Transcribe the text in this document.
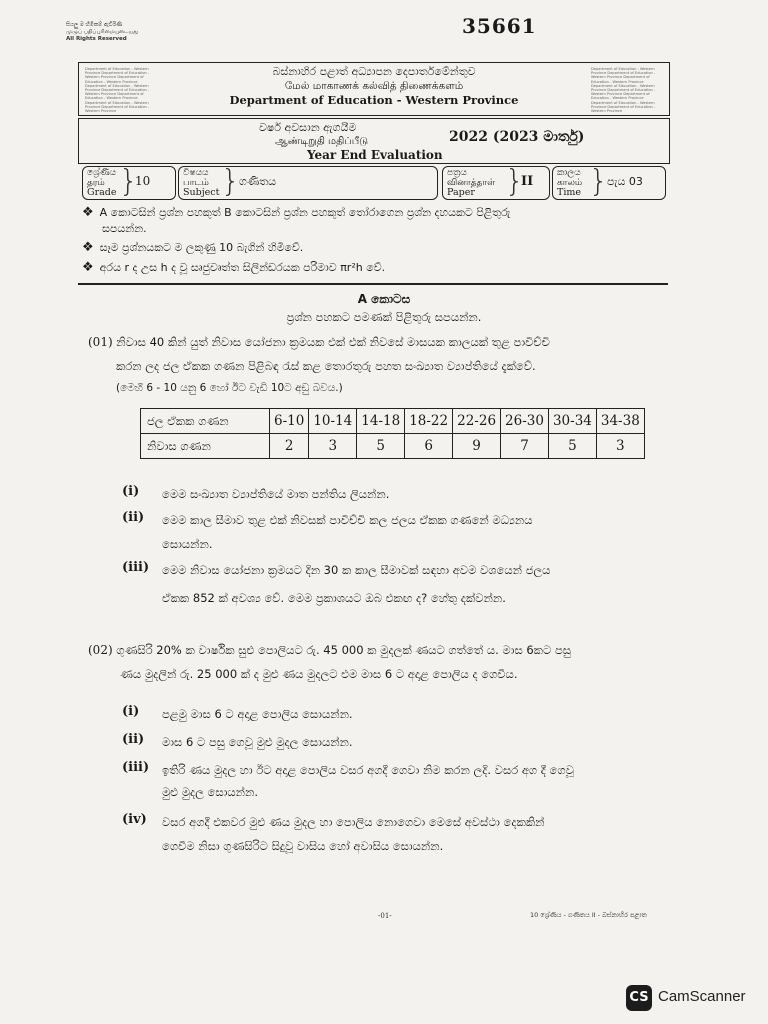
35661
සියලු ම හිමිකම් ඇවිරිණි
முழுப் பதிப்புரிமையுடையது
All Rights Reserved
Department of Education - Western Province Department of Education - Western Province Department of Education - Western Province Department of Education - Western Province Department of Education - Western Province Department of Education - Western Province Department of Education - Western Province Department of Education - Western Province
බස්නාහිර පළාත් අධ්‍යාපන දෙපාර්තමේන්තුව
மேல் மாகாணக் கல்வித் திணைக்களம்
Department of Education - Western Province
Department of Education - Western Province Department of Education - Western Province Department of Education - Western Province Department of Education - Western Province Department of Education - Western Province Department of Education - Western Province Department of Education - Western Province Department of Education - Western Province
වර්ෂ අවසාන ඇගයීම
ஆண்டிறுதி மதிப்பீடு	2022 (2023 මාර්තු)
Year End Evaluation
ශ්‍රේණිය
தரம்
Grade }
10
විෂයය
பாடம்
Subject }
ගණිතය
පත්‍රය
வினாத்தாள்
Paper	}
II
කාලය
காலம்
Time }
පැය 03
❖ A කොටසින් ප්‍රශ්න පහකුත් B කොටසින් ප්‍රශ්න පහකුත් තෝරාගෙන ප්‍රශ්න දහයකට පිළිතුරු
සපයන්න.
❖ සෑම ප්‍රශ්නයකට ම ලකුණු 10 බැගින් හිමිවේ.
❖ අරය r ද උස h ද වූ සෘජුවෘත්ත සිලින්ඩරයක පරිමාව πr²h වේ.
A කොටස
ප්‍රශ්න පහකට පමණක් පිළිතුරු සපයන්න.
(01) නිවාස 40 කින් යුත් නිවාස යෝජනා ක්‍රමයක එක් එක් නිවසේ මාසයක කාලයක් තුළ පාවිච්චි
කරන ලද ජල ඒකක ගණන පිළිබඳ රැස් කළ තොරතුරු පහත සංඛ්‍යාත ව්‍යාප්තියේ දැක්වේ.
(මෙහි 6 - 10 යනු 6 හෝ ඊට වැඩි 10ට අඩු බවය.)
ජල ඒකක ගණන	6-10	10-14	14-18	18-22	22-26	26-30	30-34	34-38
නිවාස ගණන	2	3	5	6	9	7	5	3
(i) මෙම සංඛ්‍යාත ව්‍යාප්තියේ මාත පන්තිය ලියන්න.
(ii) මෙම කාල සීමාව තුළ එක් නිවසක් පාවිච්චි කල ජලය ඒකක ගණනේ මධ්‍යනය
සොයන්න.
(iii) මෙම නිවාස යෝජනා ක්‍රමයට දින 30 ක කාල සීමාවක් සඳහා අවම වශයෙන් ජලය
ඒකක 852 ක් අවශ්‍ය වේ. මෙම ප්‍රකාශයට ඔබ එකඟ ද? හේතු දක්වන්න.
(02) ගුණසිරි 20% ක වාර්ෂික සුළු පොලියට රු. 45 000 ක මුදලක් ණයට ගත්තේ ය. මාස 6කට පසු
ණය මුදලින් රු. 25 000 ක් ද මුළු ණය මුදලට එම මාස 6 ට අදාළ පොලිය ද ගෙවීය.
(i) පළමු මාස 6 ට අදාළ පොලිය සොයන්න.
(ii) මාස 6 ට පසු ගෙවූ මුළු මුදල සොයන්න.
(iii) ඉතිරි ණය මුදල හා ඊට අදාළ පොලිය වසර අගදී ගෙවා නිම කරන ලදි. වසර අග දී ගෙවූ
මුළු මුදල සොයන්න.
(iv) වසර අගදී එකවර මුළු ණය මුදල හා පොලිය නොගෙවා මෙසේ අවස්ථා දෙකකින්
ගෙවීම නිසා ගුණසිරිට සිදුවූ වාසිය හෝ අවාසිය සොයන්න.
-01-	10 ශ්‍රේණිය - ගණිතය II - බස්නාහිර පළාත
CS CamScanner
